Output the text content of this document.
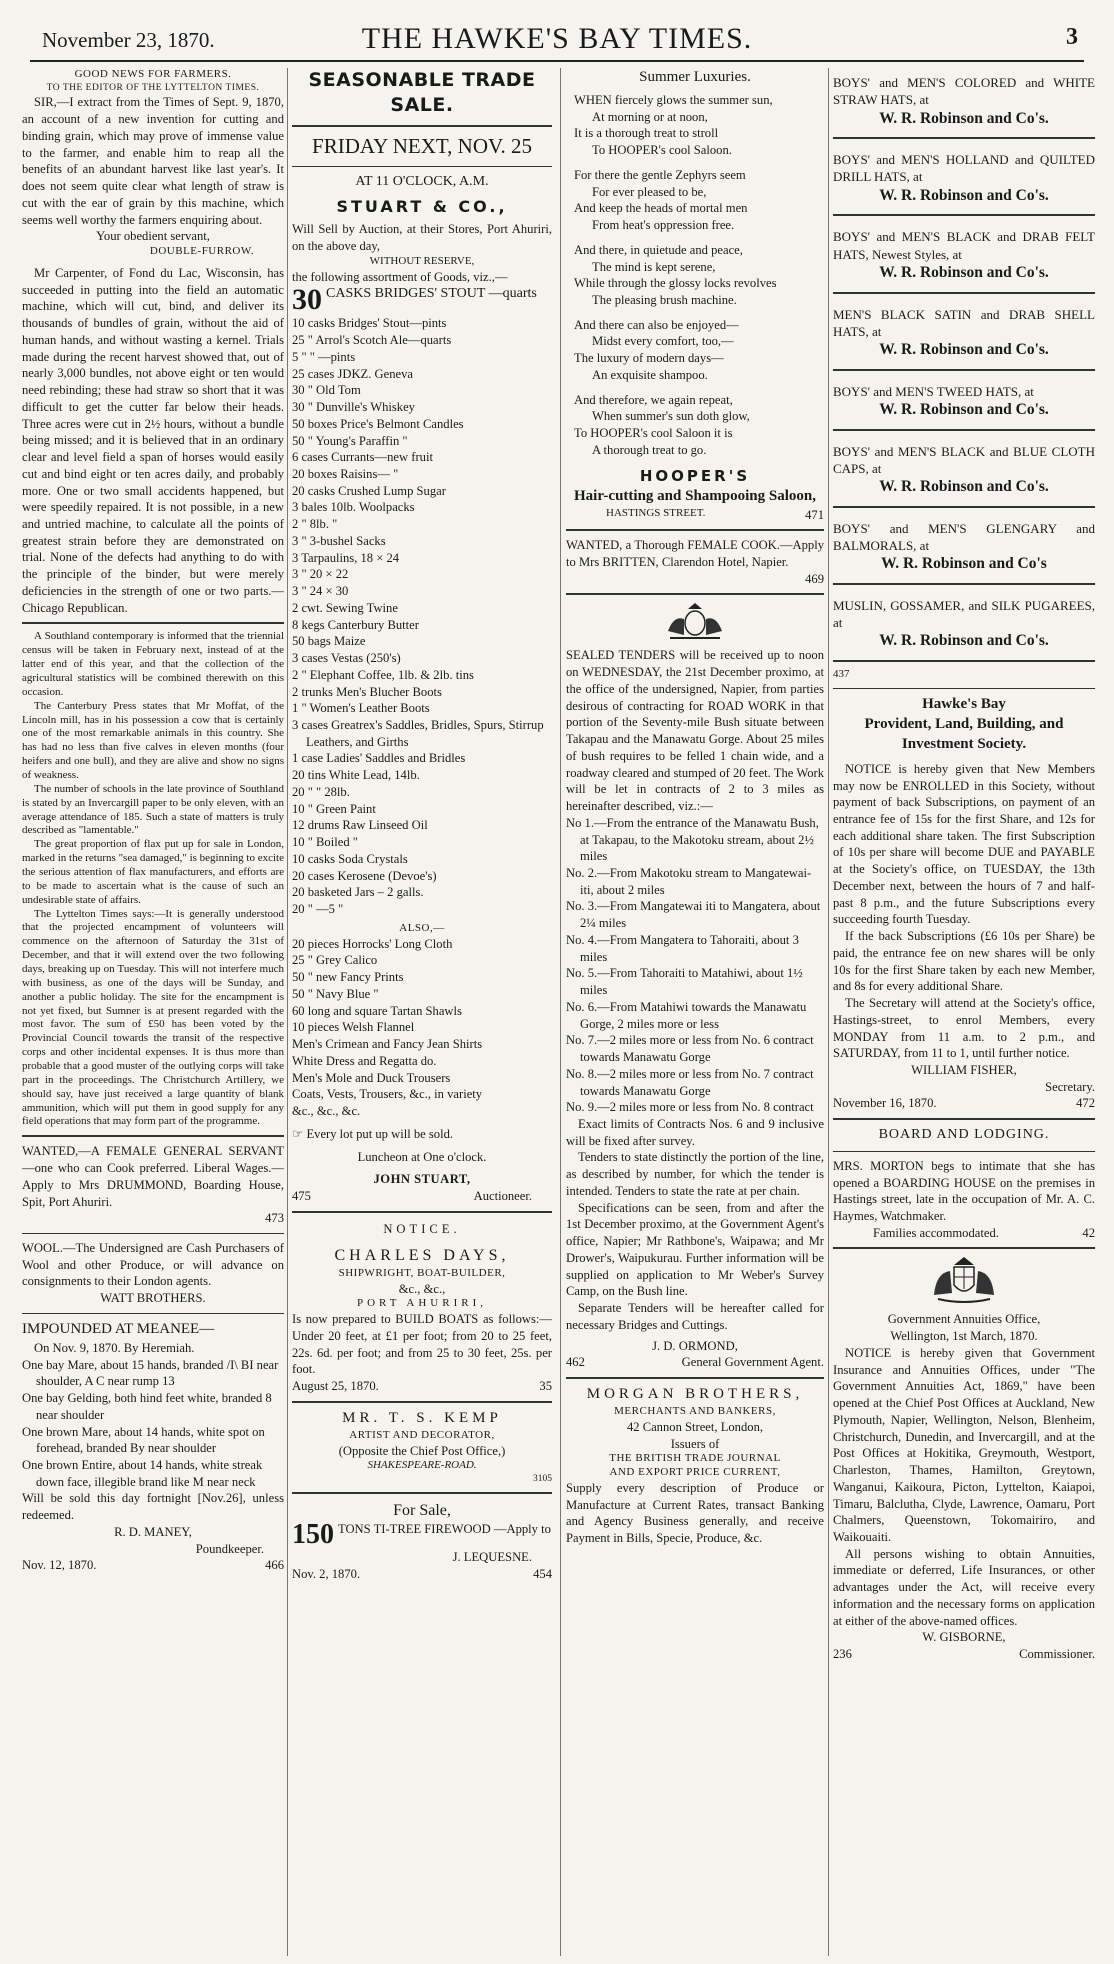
November 23, 1870.	THE HAWKE'S BAY TIMES.	3

GOOD NEWS FOR FARMERS.

TO THE EDITOR OF THE LYTTELTON TIMES.

SIR,—I extract from the Times of Sept. 9, 1870, an account of a new invention for cutting and binding grain, which may prove of immense value to the farmer, and enable him to reap all the benefits of an abundant harvest like last year's. It does not seem quite clear what length of straw is cut with the ear of grain by this machine, which seems well worthy the farmers enquiring about.

Your obedient servant,

DOUBLE-FURROW.

Mr Carpenter, of Fond du Lac, Wisconsin, has succeeded in putting into the field an automatic machine, which will cut, bind, and deliver its thousands of bundles of grain, without the aid of human hands, and without wasting a kernel. Trials made during the recent harvest showed that, out of nearly 3,000 bundles, not above eight or ten would need rebinding; these had straw so short that it was difficult to get the cutter far below their heads. Three acres were cut in 2½ hours, without a bundle being missed; and it is believed that in an ordinary clear and level field a span of horses would easily cut and bind eight or ten acres daily, and probably more. One or two small accidents happened, but were speedily repaired. It is not possible, in a new and untried machine, to calculate all the points of greatest strain before they are demonstrated on trial. None of the defects had anything to do with the principle of the binder, but were merely deficiencies in the strength of one or two parts.—Chicago Republican.

A Southland contemporary is informed that the triennial census will be taken in February next, instead of at the latter end of this year, and that the collection of the agricultural statistics will be combined therewith on this occasion.

The Canterbury Press states that Mr Moffat, of the Lincoln mill, has in his possession a cow that is certainly one of the most remarkable animals in this country. She has had no less than five calves in eleven months (four heifers and one bull), and they are alive and show no signs of weakness.

The number of schools in the late province of Southland is stated by an Invercargill paper to be only eleven, with an average attendance of 185. Such a state of matters is truly described as "lamentable."

The great proportion of flax put up for sale in London, marked in the returns "sea damaged," is beginning to excite the serious attention of flax manufacturers, and efforts are to be made to ascertain what is the cause of such an undesirable state of affairs.

The Lyttelton Times says:—It is generally understood that the projected encampment of volunteers will commence on the afternoon of Saturday the 31st of December, and that it will extend over the two following days, breaking up on Tuesday. This will not interfere much with business, as one of the days will be Sunday, and another a public holiday. The site for the encampment is not yet fixed, but Sumner is at present regarded with the most favor. The sum of £50 has been voted by the Provincial Council towards the transit of the respective corps and other incidental expenses. It is thus more than probable that a good muster of the outlying corps will take part in the proceedings. The Christchurch Artillery, we should say, have just received a large quantity of blank ammunition, which will put them in good supply for any field operations that may form part of the programme.

WANTED,—A FEMALE GENERAL SERVANT—one who can Cook preferred. Liberal Wages.—Apply to Mrs DRUMMOND, Boarding House, Spit, Port Ahuriri.

473

WOOL.—The Undersigned are Cash Purchasers of Wool and other Produce, or will advance on consignments to their London agents.

WATT BROTHERS.

IMPOUNDED AT MEANEE—

On Nov. 9, 1870. By Heremiah.

One bay Mare, about 15 hands, branded /I\ BI near shoulder, A C near rump 13

One bay Gelding, both hind feet white, branded 8 near shoulder

One brown Mare, about 14 hands, white spot on forehead, branded By near shoulder

One brown Entire, about 14 hands, white streak down face, illegible brand like M near neck

Will be sold this day fortnight [Nov.26], unless redeemed.

R. D. MANEY,

Poundkeeper.

Nov. 12, 1870.	466
SEASONABLE TRADE SALE.
FRIDAY NEXT, NOV. 25

AT 11 O'CLOCK, A.M.

STUART & CO.,

Will Sell by Auction, at their Stores, Port Ahuriri, on the above day,

WITHOUT RESERVE,

the following assortment of Goods, viz.,—

30 CASKS BRIDGES' STOUT —quarts

10 casks Bridges' Stout—pints

25 " Arrol's Scotch Ale—quarts

5 " " —pints

25 cases JDKZ. Geneva

30 " Old Tom

30 " Dunville's Whiskey

50 boxes Price's Belmont Candles

50 " Young's Paraffin "

6 cases Currants—new fruit

20 boxes Raisins— "

20 casks Crushed Lump Sugar

3 bales 10lb. Woolpacks

2 " 8lb. "

3 " 3-bushel Sacks

3 Tarpaulins, 18 × 24

3 " 20 × 22

3 " 24 × 30

2 cwt. Sewing Twine

8 kegs Canterbury Butter

50 bags Maize

3 cases Vestas (250's)

2 " Elephant Coffee, 1lb. & 2lb. tins

2 trunks Men's Blucher Boots

1 " Women's Leather Boots

3 cases Greatrex's Saddles, Bridles, Spurs, Stirrup Leathers, and Girths

1 case Ladies' Saddles and Bridles

20 tins White Lead, 14lb.

20 " " 28lb.

10 " Green Paint

12 drums Raw Linseed Oil

10 " Boiled "

10 casks Soda Crystals

20 cases Kerosene (Devoe's)

20 basketed Jars – 2 galls.

20 " —5 "

ALSO,—

20 pieces Horrocks' Long Cloth

25 " Grey Calico

50 " new Fancy Prints

50 " Navy Blue "

60 long and square Tartan Shawls

10 pieces Welsh Flannel

Men's Crimean and Fancy Jean Shirts

White Dress and Regatta do.

Men's Mole and Duck Trousers

Coats, Vests, Trousers, &c., in variety

&c., &c., &c.

☞ Every lot put up will be sold.

Luncheon at One o'clock.

JOHN STUART,

475	Auctioneer.

NOTICE.

CHARLES DAYS,

SHIPWRIGHT, BOAT-BUILDER,

&c., &c.,

PORT AHURIRI,

Is now prepared to BUILD BOATS as follows:—Under 20 feet, at £1 per foot; from 20 to 25 feet, 22s. 6d. per foot; and from 25 to 30 feet, 25s. per foot.

August 25, 1870.	35

MR. T. S. KEMP

ARTIST AND DECORATOR,

(Opposite the Chief Post Office,)

SHAKESPEARE-ROAD.

3105

For Sale,

150 TONS TI-TREE FIREWOOD —Apply to

J. LEQUESNE.

Nov. 2, 1870.	454

Summer Luxuries.

WHEN fiercely glows the summer sun,

At morning or at noon,

It is a thorough treat to stroll

To HOOPER's cool Saloon.

For there the gentle Zephyrs seem

For ever pleased to be,

And keep the heads of mortal men

From heat's oppression free.

And there, in quietude and peace,

The mind is kept serene,

While through the glossy locks revolves

The pleasing brush machine.

And there can also be enjoyed—

Midst every comfort, too,—

The luxury of modern days—

An exquisite shampoo.

And therefore, we again repeat,

When summer's sun doth glow,

To HOOPER's cool Saloon it is

A thorough treat to go.

HOOPER'S

Hair-cutting and Shampooing Saloon,

HASTINGS STREET.	471

WANTED, a Thorough FEMALE COOK.—Apply to Mrs BRITTEN, Clarendon Hotel, Napier.

469

SEALED TENDERS will be received up to noon on WEDNESDAY, the 21st December proximo, at the office of the undersigned, Napier, from parties desirous of contracting for ROAD WORK in that portion of the Seventy-mile Bush situate between Takapau and the Manawatu Gorge. About 25 miles of bush requires to be felled 1 chain wide, and a roadway cleared and stumped of 20 feet. The Work will be let in contracts of 2 to 3 miles as hereinafter described, viz.:—

No 1.—From the entrance of the Manawatu Bush, at Takapau, to the Makotoku stream, about 2½ miles

No. 2.—From Makotoku stream to Mangatewai-iti, about 2 miles

No. 3.—From Mangatewai iti to Mangatera, about 2¼ miles

No. 4.—From Mangatera to Tahoraiti, about 3 miles

No. 5.—From Tahoraiti to Matahiwi, about 1½ miles

No. 6.—From Matahiwi towards the Manawatu Gorge, 2 miles more or less

No. 7.—2 miles more or less from No. 6 contract towards Manawatu Gorge

No. 8.—2 miles more or less from No. 7 contract towards Manawatu Gorge

No. 9.—2 miles more or less from No. 8 contract

Exact limits of Contracts Nos. 6 and 9 inclusive will be fixed after survey.

Tenders to state distinctly the portion of the line, as described by number, for which the tender is intended. Tenders to state the rate at per chain.

Specifications can be seen, from and after the 1st December proximo, at the Government Agent's office, Napier; Mr Rathbone's, Waipawa; and Mr Drower's, Waipukurau. Further information will be supplied on application to Mr Weber's Survey Camp, on the Bush line.

Separate Tenders will be hereafter called for necessary Bridges and Cuttings.

J. D. ORMOND,

462	General Government Agent.

MORGAN BROTHERS,

MERCHANTS AND BANKERS,

42 Cannon Street, London,

Issuers of

THE BRITISH TRADE JOURNAL

AND EXPORT PRICE CURRENT,

Supply every description of Produce or Manufacture at Current Rates, transact Banking and Agency Business generally, and receive Payment in Bills, Specie, Produce, &c.

BOYS' and MEN'S COLORED and WHITE STRAW HATS, at

W. R. Robinson and Co's.

BOYS' and MEN'S HOLLAND and QUILTED DRILL HATS, at

W. R. Robinson and Co's.

BOYS' and MEN'S BLACK and DRAB FELT HATS, Newest Styles, at

W. R. Robinson and Co's.

MEN'S BLACK SATIN and DRAB SHELL HATS, at

W. R. Robinson and Co's.

BOYS' and MEN'S TWEED HATS, at

W. R. Robinson and Co's.

BOYS' and MEN'S BLACK and BLUE CLOTH CAPS, at

W. R. Robinson and Co's.

BOYS' and MEN'S GLENGARY and BALMORALS, at

W. R. Robinson and Co's

MUSLIN, GOSSAMER, and SILK PUGAREES, at

W. R. Robinson and Co's.

437

Hawke's Bay

Provident, Land, Building, and Investment Society.

NOTICE is hereby given that New Members may now be ENROLLED in this Society, without payment of back Subscriptions, on payment of an entrance fee of 15s for the first Share, and 12s for each additional share taken. The first Subscription of 10s per share will become DUE and PAYABLE at the Society's office, on TUESDAY, the 13th December next, between the hours of 7 and half-past 8 p.m., and the future Subscriptions every succeeding fourth Tuesday.

If the back Subscriptions (£6 10s per Share) be paid, the entrance fee on new shares will be only 10s for the first Share taken by each new Member, and 8s for every additional Share.

The Secretary will attend at the Society's office, Hastings-street, to enrol Members, every MONDAY from 11 a.m. to 2 p.m., and SATURDAY, from 11 to 1, until further notice.

WILLIAM FISHER,

Secretary.

November 16, 1870.	472

BOARD AND LODGING.

MRS. MORTON begs to intimate that she has opened a BOARDING HOUSE on the premises in Hastings street, late in the occupation of Mr. A. C. Haymes, Watchmaker.

Families accommodated.	42

Government Annuities Office,

Wellington, 1st March, 1870.

NOTICE is hereby given that Government Insurance and Annuities Offices, under "The Government Annuities Act, 1869," have been opened at the Chief Post Offices at Auckland, New Plymouth, Napier, Wellington, Nelson, Blenheim, Christchurch, Dunedin, and Invercargill, and at the Post Offices at Hokitika, Greymouth, Westport, Charleston, Thames, Hamilton, Greytown, Wanganui, Kaikoura, Picton, Lyttelton, Kaiapoi, Timaru, Balclutha, Clyde, Lawrence, Oamaru, Port Chalmers, Queenstown, Tokomairiro, and Waikouaiti.

All persons wishing to obtain Annuities, immediate or deferred, Life Insurances, or other advantages under the Act, will receive every information and the necessary forms on application at either of the above-named offices.

W. GISBORNE,

236	Commissioner.
